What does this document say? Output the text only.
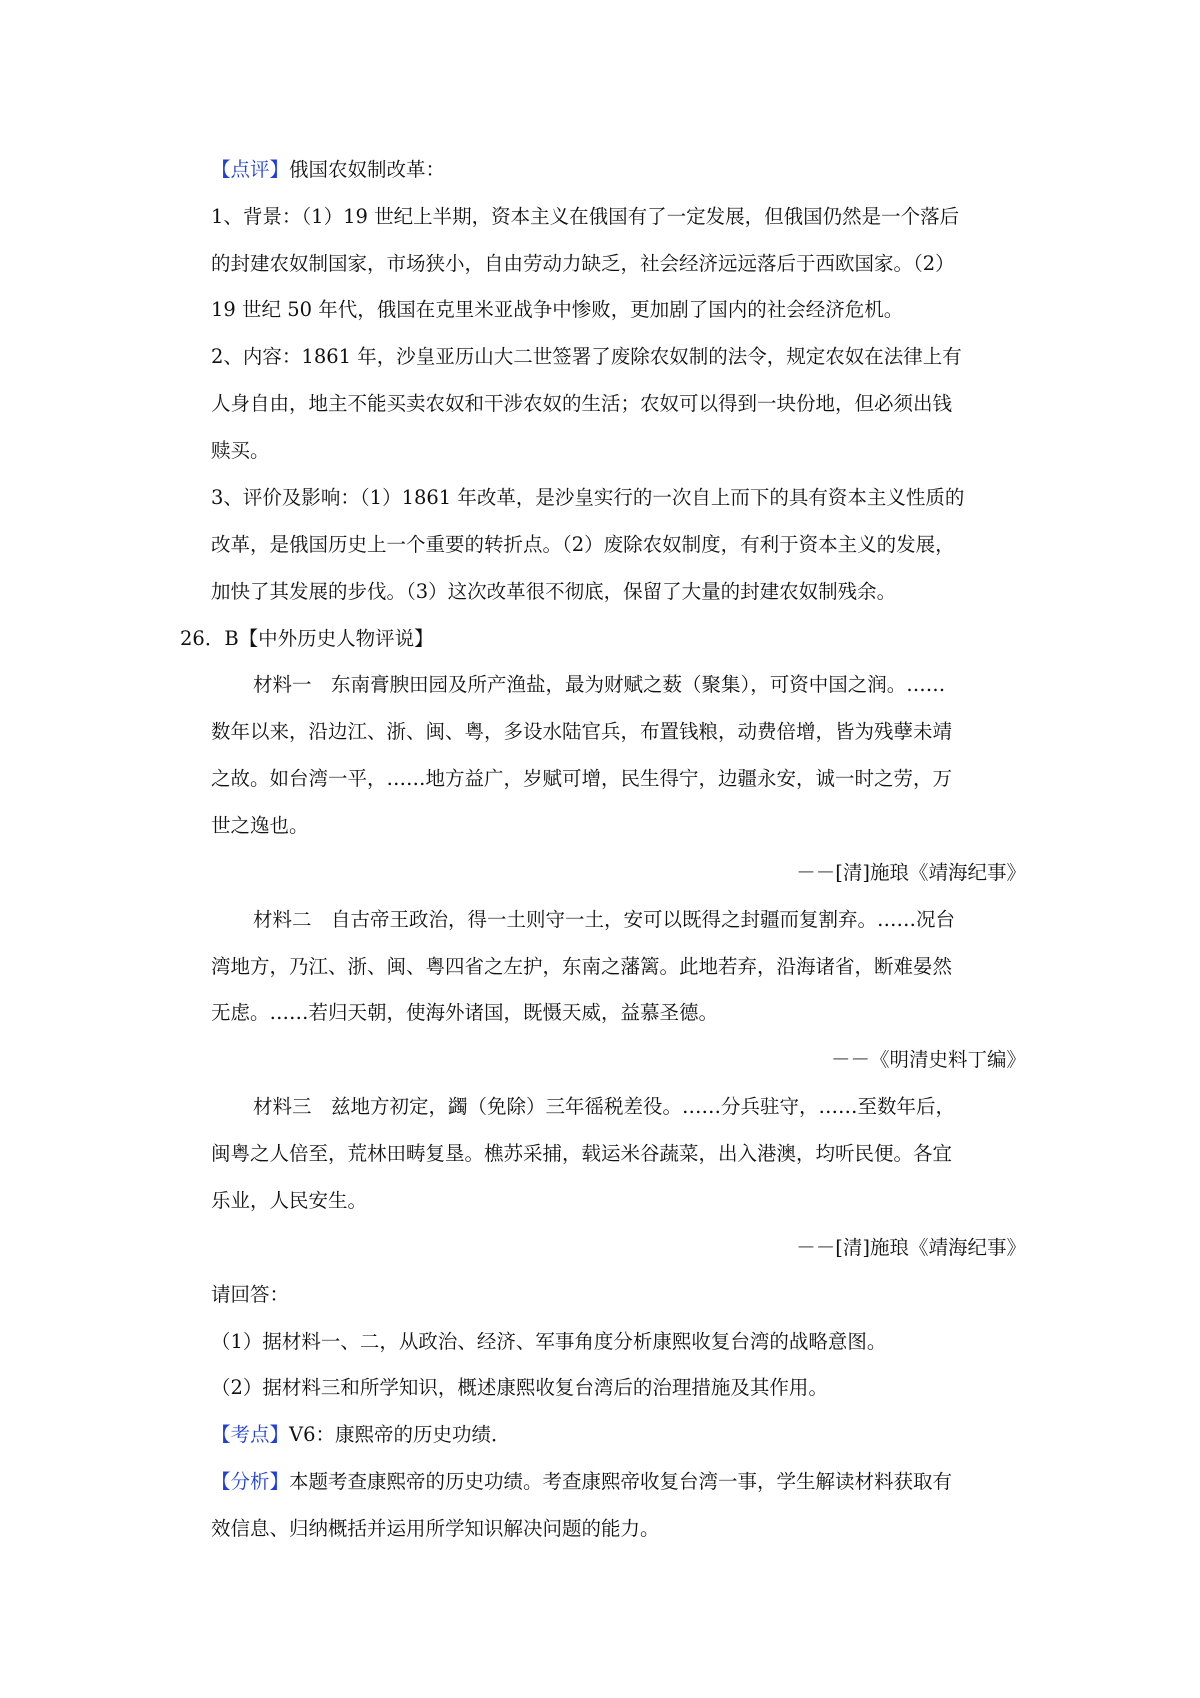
【点评】俄国农奴制改革：
1、背景：（1）19 世纪上半期，资本主义在俄国有了一定发展，但俄国仍然是一个落后
的封建农奴制国家，市场狭小，自由劳动力缺乏，社会经济远远落后于西欧国家。（2）
19 世纪 50 年代，俄国在克里米亚战争中惨败，更加剧了国内的社会经济危机。
2、内容：1861 年，沙皇亚历山大二世签署了废除农奴制的法令，规定农奴在法律上有
人身自由，地主不能买卖农奴和干涉农奴的生活；农奴可以得到一块份地，但必须出钱
赎买。
3、评价及影响：（1）1861 年改革，是沙皇实行的一次自上而下的具有资本主义性质的
改革，是俄国历史上一个重要的转折点。（2）废除农奴制度，有利于资本主义的发展，
加快了其发展的步伐。（3）这次改革很不彻底，保留了大量的封建农奴制残余。
26．B【中外历史人物评说】
材料一　东南膏腴田园及所产渔盐，最为财赋之薮（聚集），可资中国之润。……
数年以来，沿边江、浙、闽、粤，多设水陆官兵，布置钱粮，动费倍增，皆为残孽未靖
之故。如台湾一平，……地方益广，岁赋可增，民生得宁，边疆永安，诚一时之劳，万
世之逸也。
－－[清]施琅《靖海纪事》
材料二　自古帝王政治，得一土则守一土，安可以既得之封疆而复割弃。……况台
湾地方，乃江、浙、闽、粤四省之左护，东南之藩篱。此地若弃，沿海诸省，断难晏然
无虑。……若归天朝，使海外诸国，既慑天威，益慕圣德。
－－《明清史料丁编》
材料三　兹地方初定，蠲（免除）三年徭税差役。……分兵驻守，……至数年后，
闽粤之人倍至，荒林田畴复垦。樵苏采捕，载运米谷蔬菜，出入港澳，均听民便。各宜
乐业，人民安生。
－－[清]施琅《靖海纪事》
请回答：
（1）据材料一、二，从政治、经济、军事角度分析康熙收复台湾的战略意图。
（2）据材料三和所学知识，概述康熙收复台湾后的治理措施及其作用。
【考点】V6：康熙帝的历史功绩．
【分析】本题考查康熙帝的历史功绩。考查康熙帝收复台湾一事，学生解读材料获取有
效信息、归纳概括并运用所学知识解决问题的能力。
